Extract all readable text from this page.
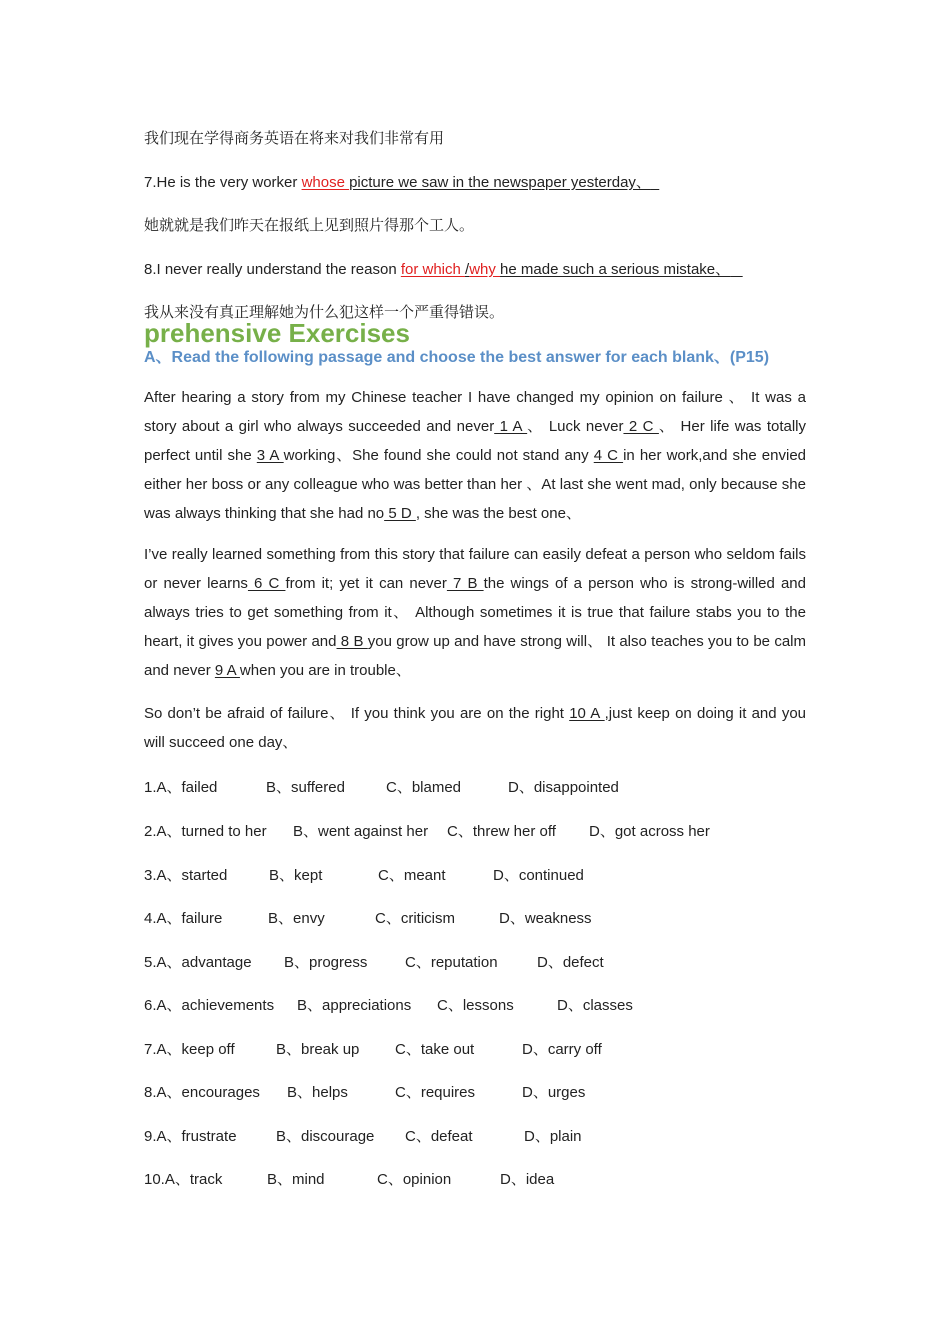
我们现在学得商务英语在将来对我们非常有用
7.He is the very worker whose picture we saw in the newspaper yesterday、
她就就是我们昨天在报纸上见到照片得那个工人。
8.I never really understand the reason for which /why he made such a serious mistake、
我从来没有真正理解她为什么犯这样一个严重得错误。
prehensive Exercises
A、Read the following passage and choose the best answer for each blank、(P15)
After hearing a story from my Chinese teacher I have changed my opinion on failure 、 It was a story about a girl who always succeeded and never 1 A 、 Luck never 2 C 、 Her life was totally perfect until she 3 A working、She found she could not stand any 4 C in her work,and she envied either her boss or any colleague who was better than her 、At last she went mad, only because she was always thinking that she had no 5 D , she was the best one、
I’ve really learned something from this story that failure can easily defeat a person who seldom fails or never learns 6 C from it; yet it can never 7 B the wings of a person who is strong-willed and always tries to get something from it、 Although sometimes it is true that failure stabs you to the heart, it gives you power and 8 B you grow up and have strong will、 It also teaches you to be calm and never 9 A when you are in trouble、
So don’t be afraid of failure、 If you think you are on the right 10 A ,just keep on doing it and you will succeed one day、
1.A、failed	B、suffered	C、blamed	D、disappointed
2.A、turned to her B、went against her C、threw her off D、got across her
3.A、started	B、kept	C、meant	D、continued
4.A、failure	B、envy	C、criticism	D、weakness
5.A、advantage B、progress	C、reputation	D、defect
6.A、achievements B、appreciations C、lessons	D、classes
7.A、keep off	B、break up C、take out	D、carry off
8.A、encourages B、helps	C、requires	D、urges
9.A、frustrate	B、discourage C、defeat	D、plain
10.A、track	B、mind	C、opinion	D、idea
